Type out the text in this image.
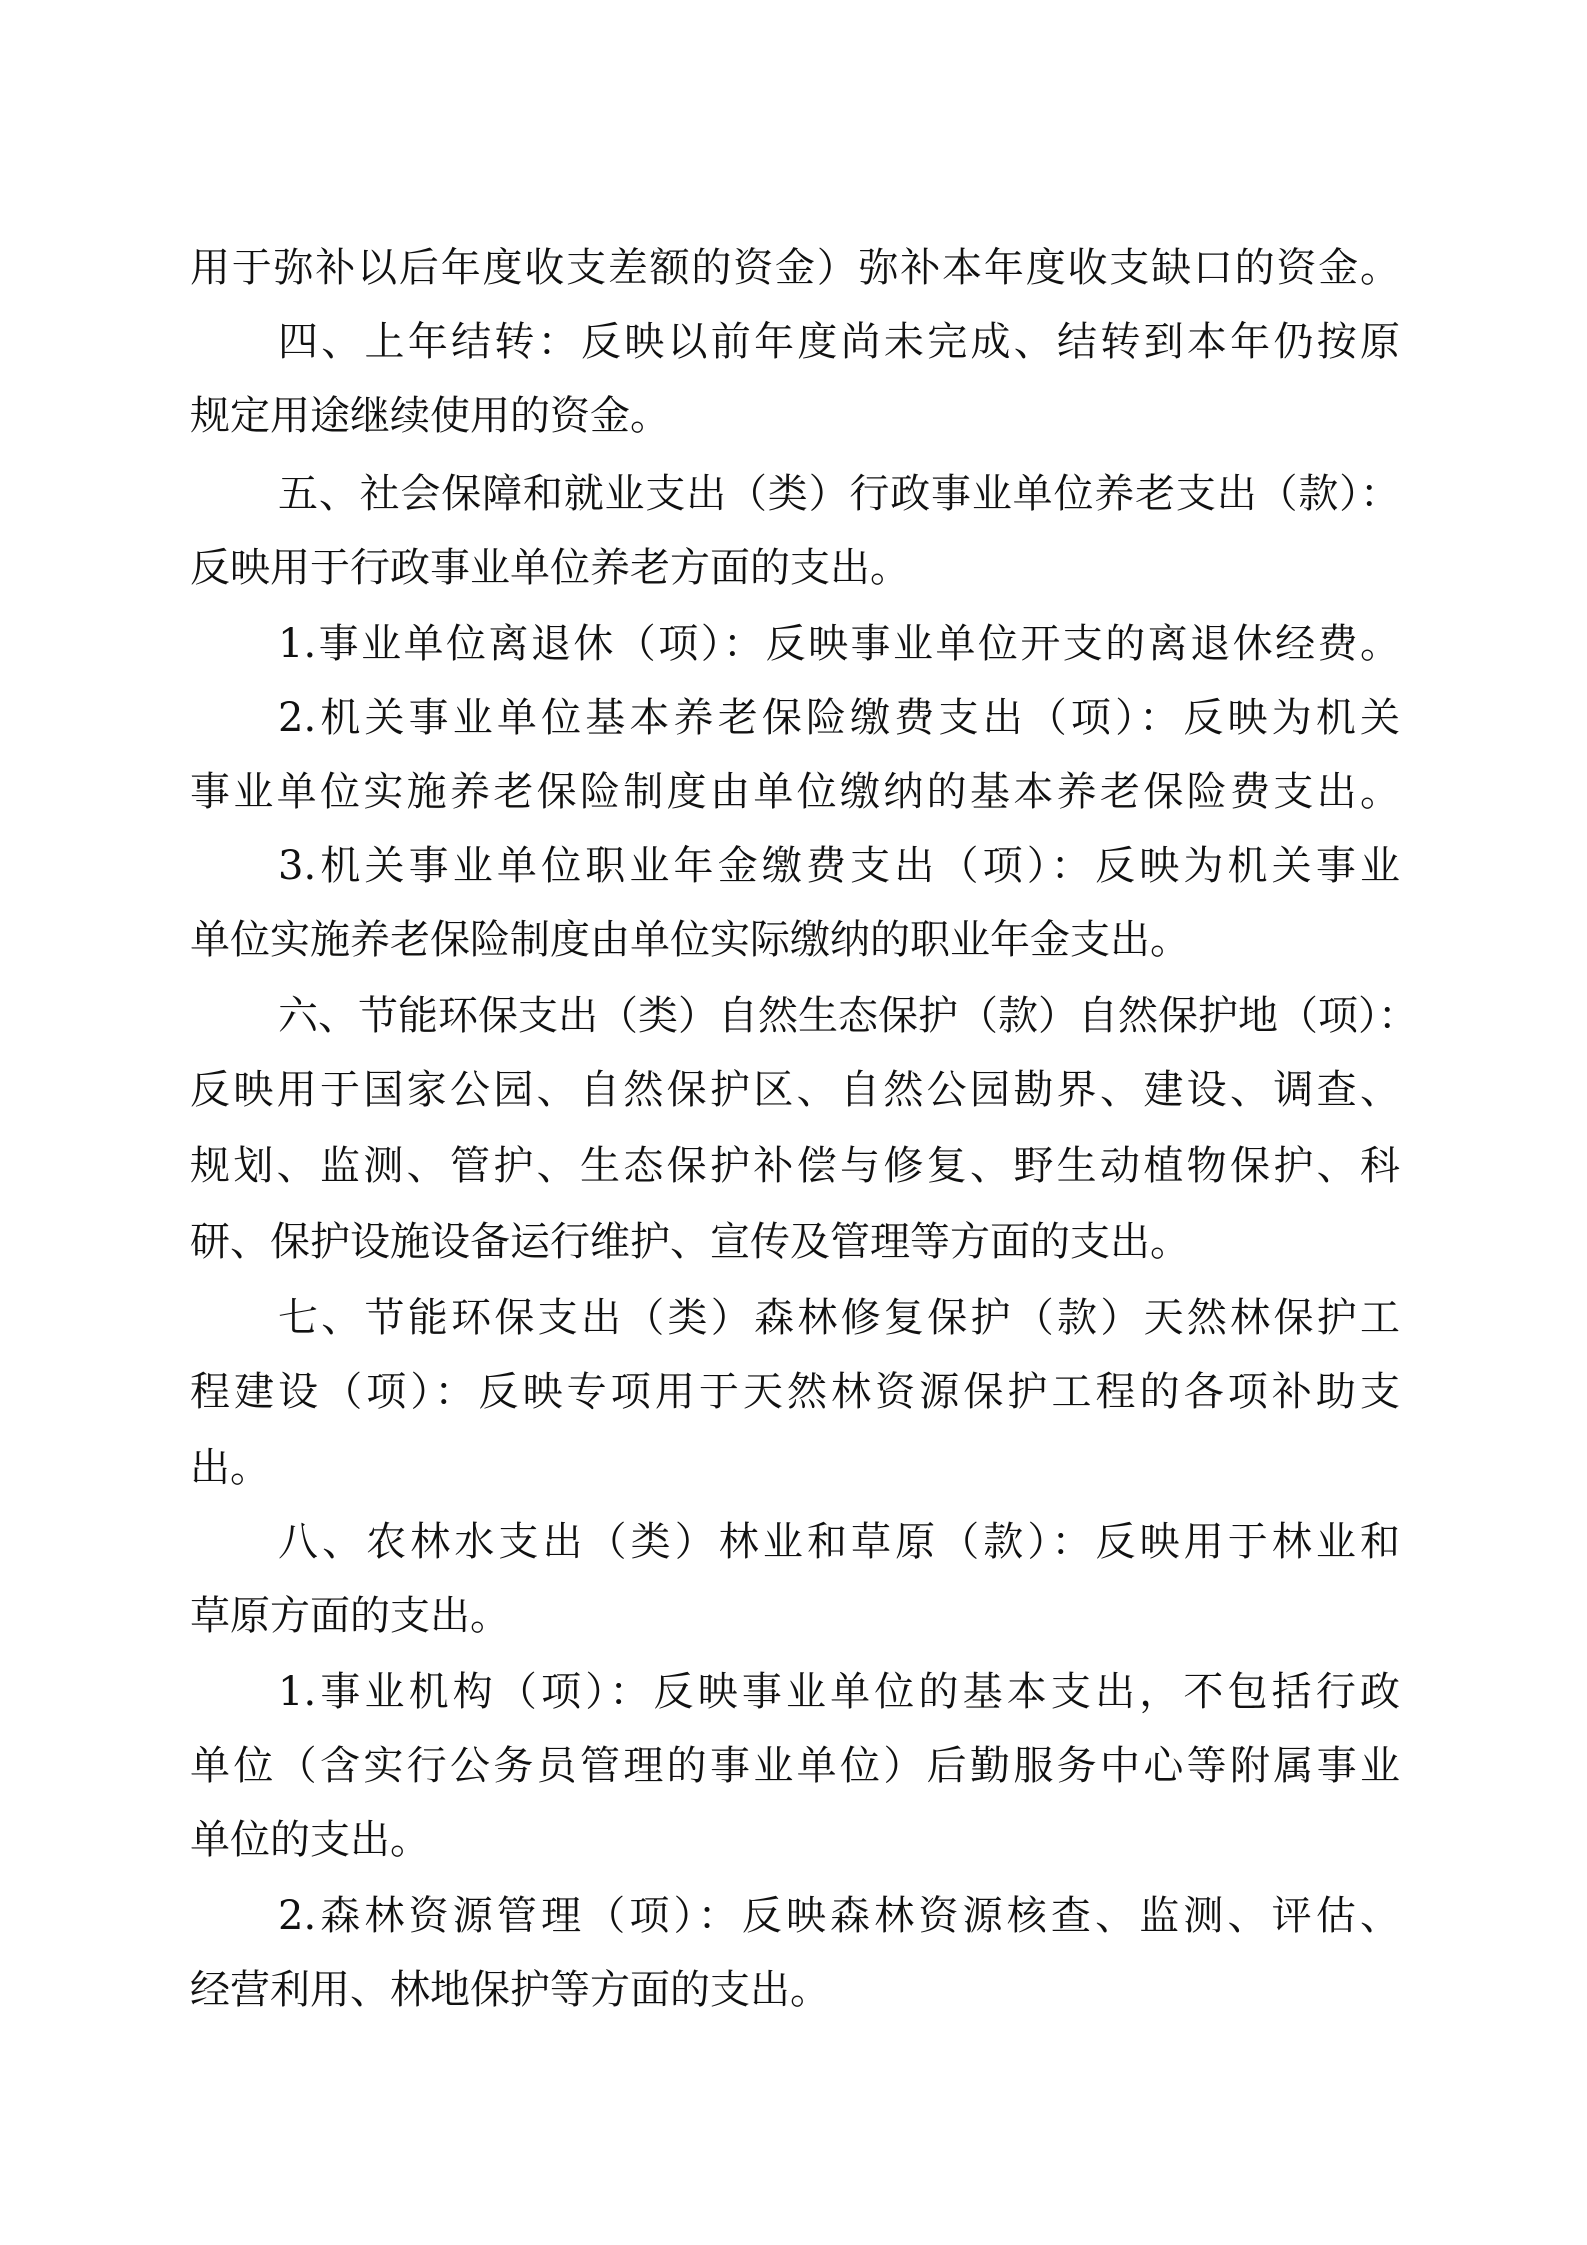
用于弥补以后年度收支差额的资金）弥补本年度收支缺口的资金。

四、上年结转：反映以前年度尚未完成、结转到本年仍按原

规定用途继续使用的资金。

五、社会保障和就业支出（类）行政事业单位养老支出（款）：

反映用于行政事业单位养老方面的支出。

1.事业单位离退休（项）：反映事业单位开支的离退休经费。

2.机关事业单位基本养老保险缴费支出（项）：反映为机关

事业单位实施养老保险制度由单位缴纳的基本养老保险费支出。

3.机关事业单位职业年金缴费支出（项）：反映为机关事业

单位实施养老保险制度由单位实际缴纳的职业年金支出。

六、节能环保支出（类）自然生态保护（款）自然保护地（项）：

反映用于国家公园、自然保护区、自然公园勘界、建设、调查、

规划、监测、管护、生态保护补偿与修复、野生动植物保护、科

研、保护设施设备运行维护、宣传及管理等方面的支出。

七、节能环保支出（类）森林修复保护（款）天然林保护工

程建设（项）：反映专项用于天然林资源保护工程的各项补助支

出。

八、农林水支出（类）林业和草原（款）：反映用于林业和

草原方面的支出。

1.事业机构（项）：反映事业单位的基本支出，不包括行政

单位（含实行公务员管理的事业单位）后勤服务中心等附属事业

单位的支出。

2.森林资源管理（项）：反映森林资源核查、监测、评估、

经营利用、林地保护等方面的支出。
